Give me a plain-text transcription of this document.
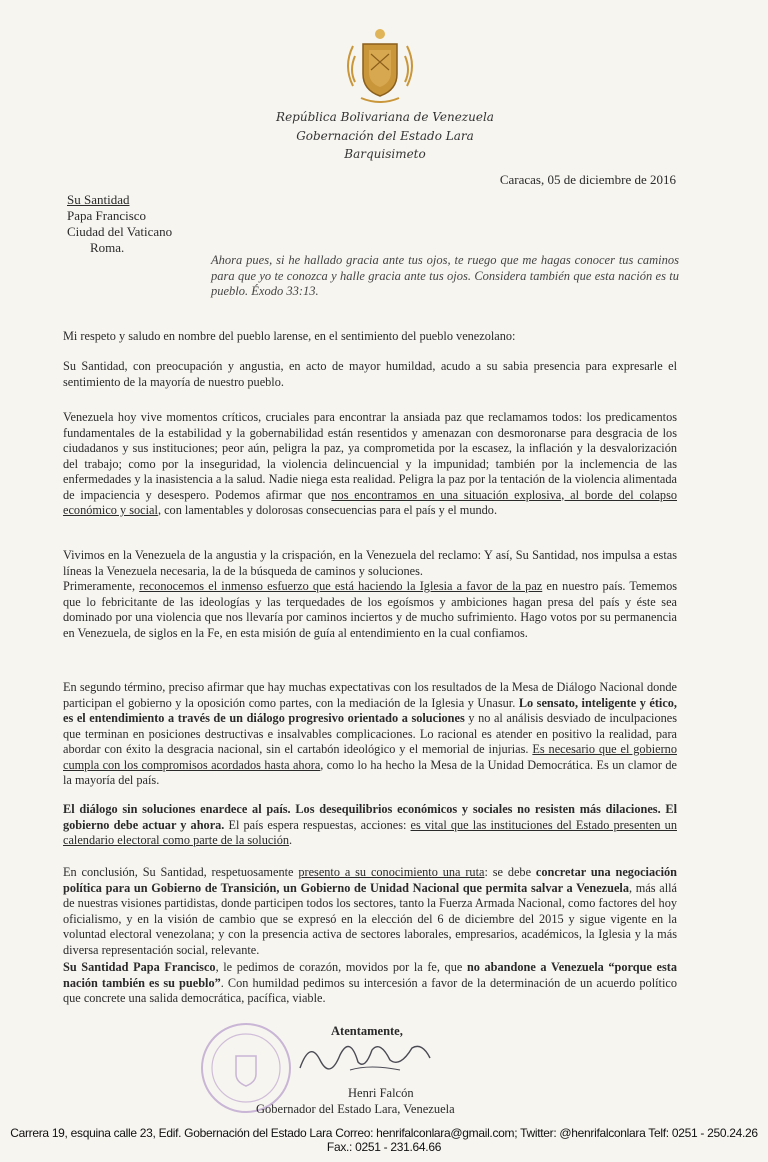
República Bolivariana de Venezuela
Gobernación del Estado Lara
Barquisimeto
Caracas, 05 de diciembre de 2016
Su Santidad
Papa Francisco
Ciudad del Vaticano
Roma.
Ahora pues, si he hallado gracia ante tus ojos, te ruego que me hagas conocer tus caminos para que yo te conozca y halle gracia ante tus ojos. Considera también que esta nación es tu pueblo. Éxodo 33:13.
Mi respeto y saludo en nombre del pueblo larense, en el sentimiento del pueblo venezolano:
Su Santidad, con preocupación y angustia, en acto de mayor humildad, acudo a su sabia presencia para expresarle el sentimiento de la mayoría de nuestro pueblo.
Venezuela hoy vive momentos críticos, cruciales para encontrar la ansiada paz que reclamamos todos: los predicamentos fundamentales de la estabilidad y la gobernabilidad están resentidos y amenazan con desmoronarse para desgracia de los ciudadanos y sus instituciones; peor aún, peligra la paz, ya comprometida por la escasez, la inflación y la desvalorización del trabajo; como por la inseguridad, la violencia delincuencial y la impunidad; también por la inclemencia de las enfermedades y la inasistencia a la salud. Nadie niega esta realidad. Peligra la paz por la tentación de la violencia alimentada de impaciencia y desespero. Podemos afirmar que nos encontramos en una situación explosiva, al borde del colapso económico y social, con lamentables y dolorosas consecuencias para el país y el mundo.
Vivimos en la Venezuela de la angustia y la crispación, en la Venezuela del reclamo: Y así, Su Santidad, nos impulsa a estas líneas la Venezuela necesaria, la de la búsqueda de caminos y soluciones.
Primeramente, reconocemos el inmenso esfuerzo que está haciendo la Iglesia a favor de la paz en nuestro país. Tememos que lo febricitante de las ideologías y las terquedades de los egoísmos y ambiciones hagan presa del país y éste sea dominado por una violencia que nos llevaría por caminos inciertos y de mucho sufrimiento. Hago votos por su permanencia en Venezuela, de siglos en la Fe, en esta misión de guía al entendimiento en la cual confiamos.
En segundo término, preciso afirmar que hay muchas expectativas con los resultados de la Mesa de Diálogo Nacional donde participan el gobierno y la oposición como partes, con la mediación de la Iglesia y Unasur. Lo sensato, inteligente y ético, es el entendimiento a través de un diálogo progresivo orientado a soluciones y no al análisis desviado de inculpaciones que terminan en posiciones destructivas e insalvables complicaciones. Lo racional es atender en positivo la realidad, para abordar con éxito la desgracia nacional, sin el cartabón ideológico y el memorial de injurias. Es necesario que el gobierno cumpla con los compromisos acordados hasta ahora, como lo ha hecho la Mesa de la Unidad Democrática. Es un clamor de la mayoría del país.
El diálogo sin soluciones enardece al país. Los desequilibrios económicos y sociales no resisten más dilaciones. El gobierno debe actuar y ahora. El país espera respuestas, acciones: es vital que las instituciones del Estado presenten un calendario electoral como parte de la solución.
En conclusión, Su Santidad, respetuosamente presento a su conocimiento una ruta: se debe concretar una negociación política para un Gobierno de Transición, un Gobierno de Unidad Nacional que permita salvar a Venezuela, más allá de nuestras visiones partidistas, donde participen todos los sectores, tanto la Fuerza Armada Nacional, como factores del hoy oficialismo, y en la visión de cambio que se expresó en la elección del 6 de diciembre del 2015 y sigue vigente en la voluntad electoral venezolana; y con la presencia activa de sectores laborales, empresarios, académicos, la Iglesia y la más diversa representación social, relevante.
Su Santidad Papa Francisco, le pedimos de corazón, movidos por la fe, que no abandone a Venezuela “porque esta nación también es su pueblo”. Con humildad pedimos su intercesión a favor de la determinación de un acuerdo político que concrete una salida democrática, pacífica, viable.
Atentamente,
Henri Falcón
Gobernador del Estado Lara, Venezuela
Carrera 19, esquina calle 23, Edif. Gobernación del Estado Lara Correo: henrifalconlara@gmail.com; Twitter: @henrifalconlara Telf: 0251 - 250.24.26 Fax.: 0251 - 231.64.66
